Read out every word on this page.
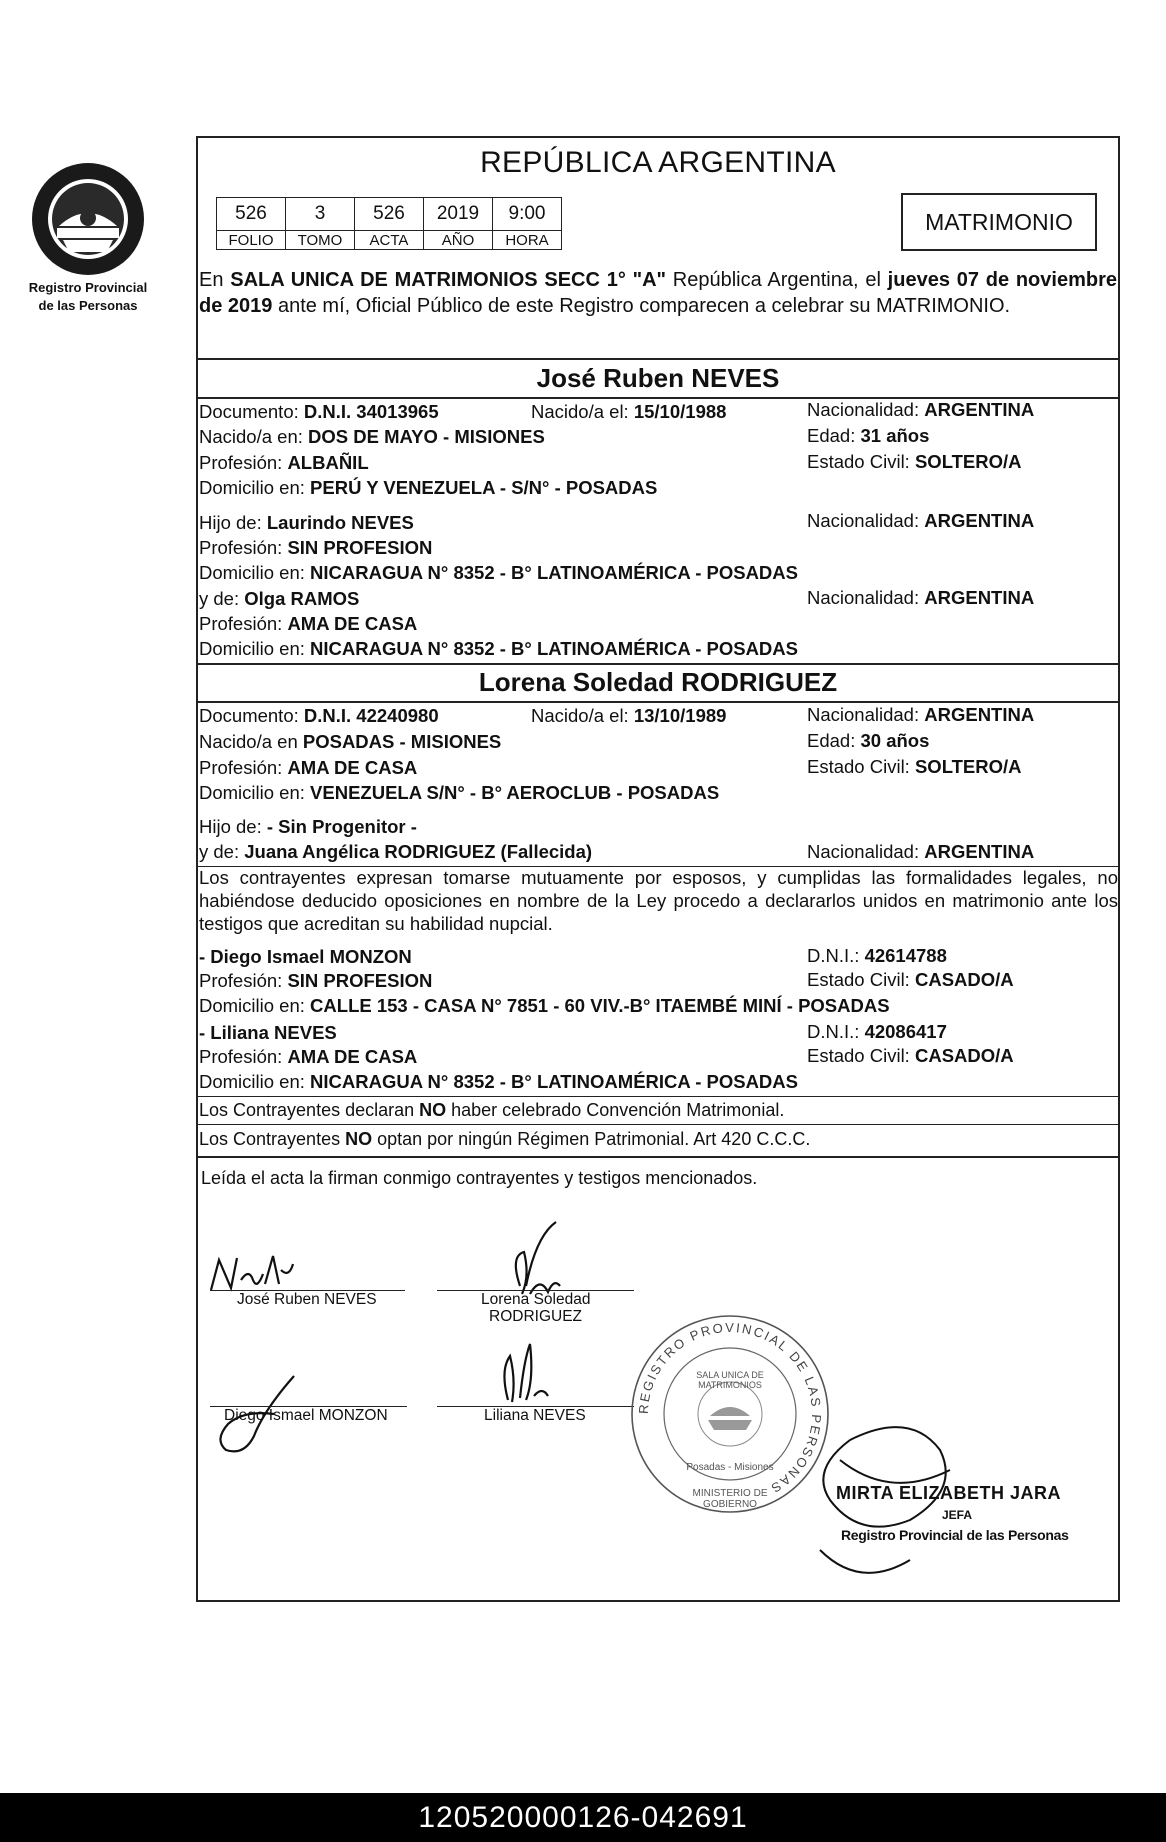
Registro Provincial
de las Personas
REPÚBLICA ARGENTINA
526	3	526	2019	9:00
FOLIO	TOMO	ACTA	AÑO	HORA
MATRIMONIO
En SALA UNICA DE MATRIMONIOS SECC 1° "A" República Argentina, el jueves 07 de noviembre de 2019 ante mí, Oficial Público de este Registro comparecen a celebrar su MATRIMONIO.
José Ruben NEVES
Documento: D.N.I. 34013965	Nacido/a el: 15/10/1988	Nacionalidad: ARGENTINA
Nacido/a en: DOS DE MAYO - MISIONES	Edad: 31 años
Profesión: ALBAÑIL	Estado Civil: SOLTERO/A
Domicilio en: PERÚ Y VENEZUELA - S/N° - POSADAS
Hijo de: Laurindo NEVES	Nacionalidad: ARGENTINA
Profesión: SIN PROFESION
Domicilio en: NICARAGUA N° 8352 - B° LATINOAMÉRICA - POSADAS
y de: Olga RAMOS	Nacionalidad: ARGENTINA
Profesión: AMA DE CASA
Domicilio en: NICARAGUA N° 8352 - B° LATINOAMÉRICA - POSADAS
Lorena Soledad RODRIGUEZ
Documento: D.N.I. 42240980	Nacido/a el: 13/10/1989	Nacionalidad: ARGENTINA
Nacido/a en POSADAS - MISIONES	Edad: 30 años
Profesión: AMA DE CASA	Estado Civil: SOLTERO/A
Domicilio en: VENEZUELA S/N° - B° AEROCLUB - POSADAS
Hijo de: - Sin Progenitor -
y de: Juana Angélica RODRIGUEZ (Fallecida)	Nacionalidad: ARGENTINA
Los contrayentes expresan tomarse mutuamente por esposos, y cumplidas las formalidades legales, no habiéndose deducido oposiciones en nombre de la Ley procedo a declararlos unidos en matrimonio ante los testigos que acreditan su habilidad nupcial.
- Diego Ismael MONZON	D.N.I.: 42614788
Profesión: SIN PROFESION	Estado Civil: CASADO/A
Domicilio en: CALLE 153 - CASA N° 7851 - 60 VIV.-B° ITAEMBÉ MINÍ - POSADAS
- Liliana NEVES	D.N.I.: 42086417
Profesión: AMA DE CASA	Estado Civil: CASADO/A
Domicilio en: NICARAGUA N° 8352 - B° LATINOAMÉRICA - POSADAS
Los Contrayentes declaran NO haber celebrado Convención Matrimonial.
Los Contrayentes NO optan por ningún Régimen Patrimonial. Art 420 C.C.C.
Leída el acta la firman conmigo contrayentes y testigos mencionados.
José Ruben NEVES	Lorena Soledad
RODRIGUEZ
Diego Ismael MONZON	Liliana NEVES	REGISTRO PROVINCIAL DE LAS PERSONAS
SALA UNICA DE MATRIMONIOS
Posadas - Misiones
MINISTERIO DE GOBIERNO
MIRTA ELIZABETH JARA
JEFA
Registro Provincial de las Personas
120520000126-042691
